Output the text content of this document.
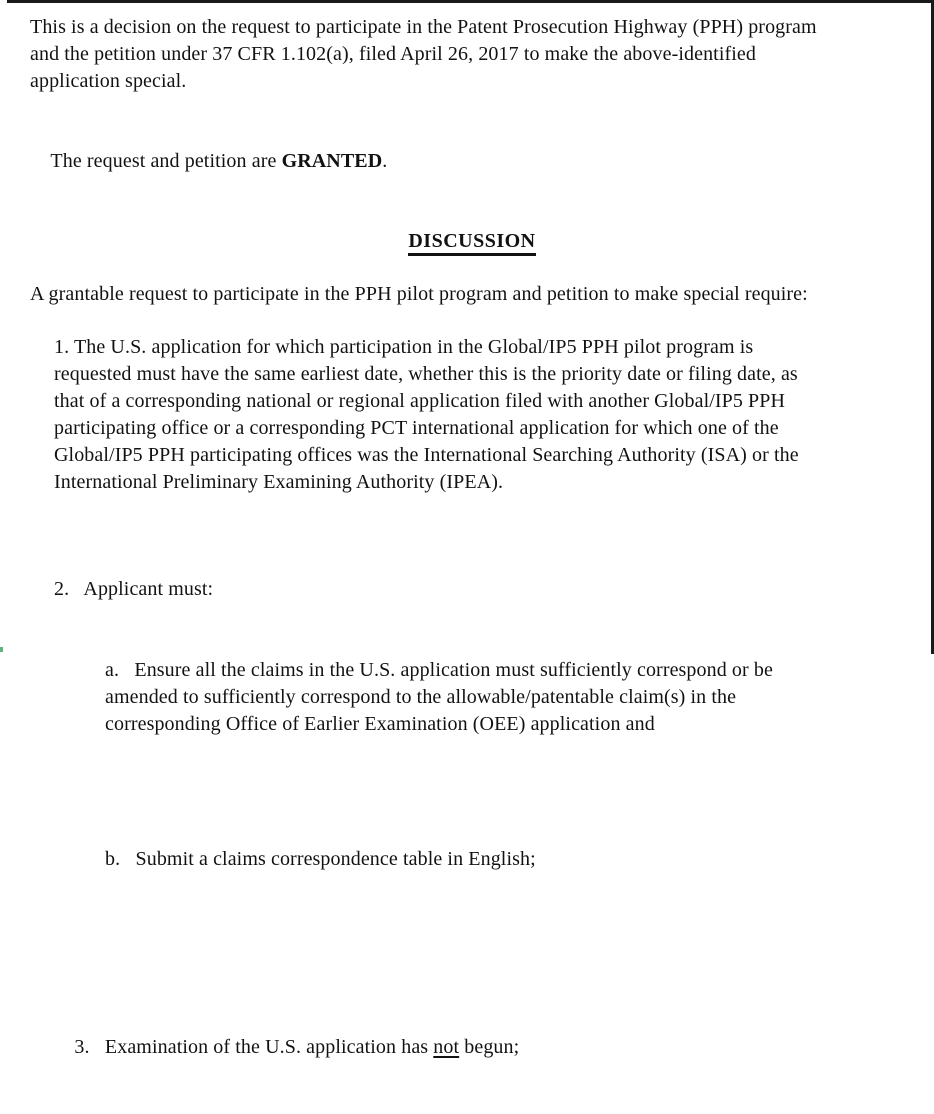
This is a decision on the request to participate in the Patent Prosecution Highway (PPH) program
and the petition under 37 CFR 1.102(a), filed April 26, 2017 to make the above-identified
application special.

The request and petition are GRANTED.

DISCUSSION
A grantable request to participate in the PPH pilot program and petition to make special require:
1. The U.S. application for which participation in the Global/IP5 PPH pilot program is
requested must have the same earliest date, whether this is the priority date or filing date, as
that of a corresponding national or regional application filed with another Global/IP5 PPH
participating office or a corresponding PCT international application for which one of the
Global/IP5 PPH participating offices was the International Searching Authority (ISA) or the
International Preliminary Examining Authority (IPEA).

2.   Applicant must:

a.   Ensure all the claims in the U.S. application must sufficiently correspond or be
amended to sufficiently correspond to the allowable/patentable claim(s) in the
corresponding Office of Earlier Examination (OEE) application and

b.   Submit a claims correspondence table in English;

3.   Examination of the U.S. application has not begun;
